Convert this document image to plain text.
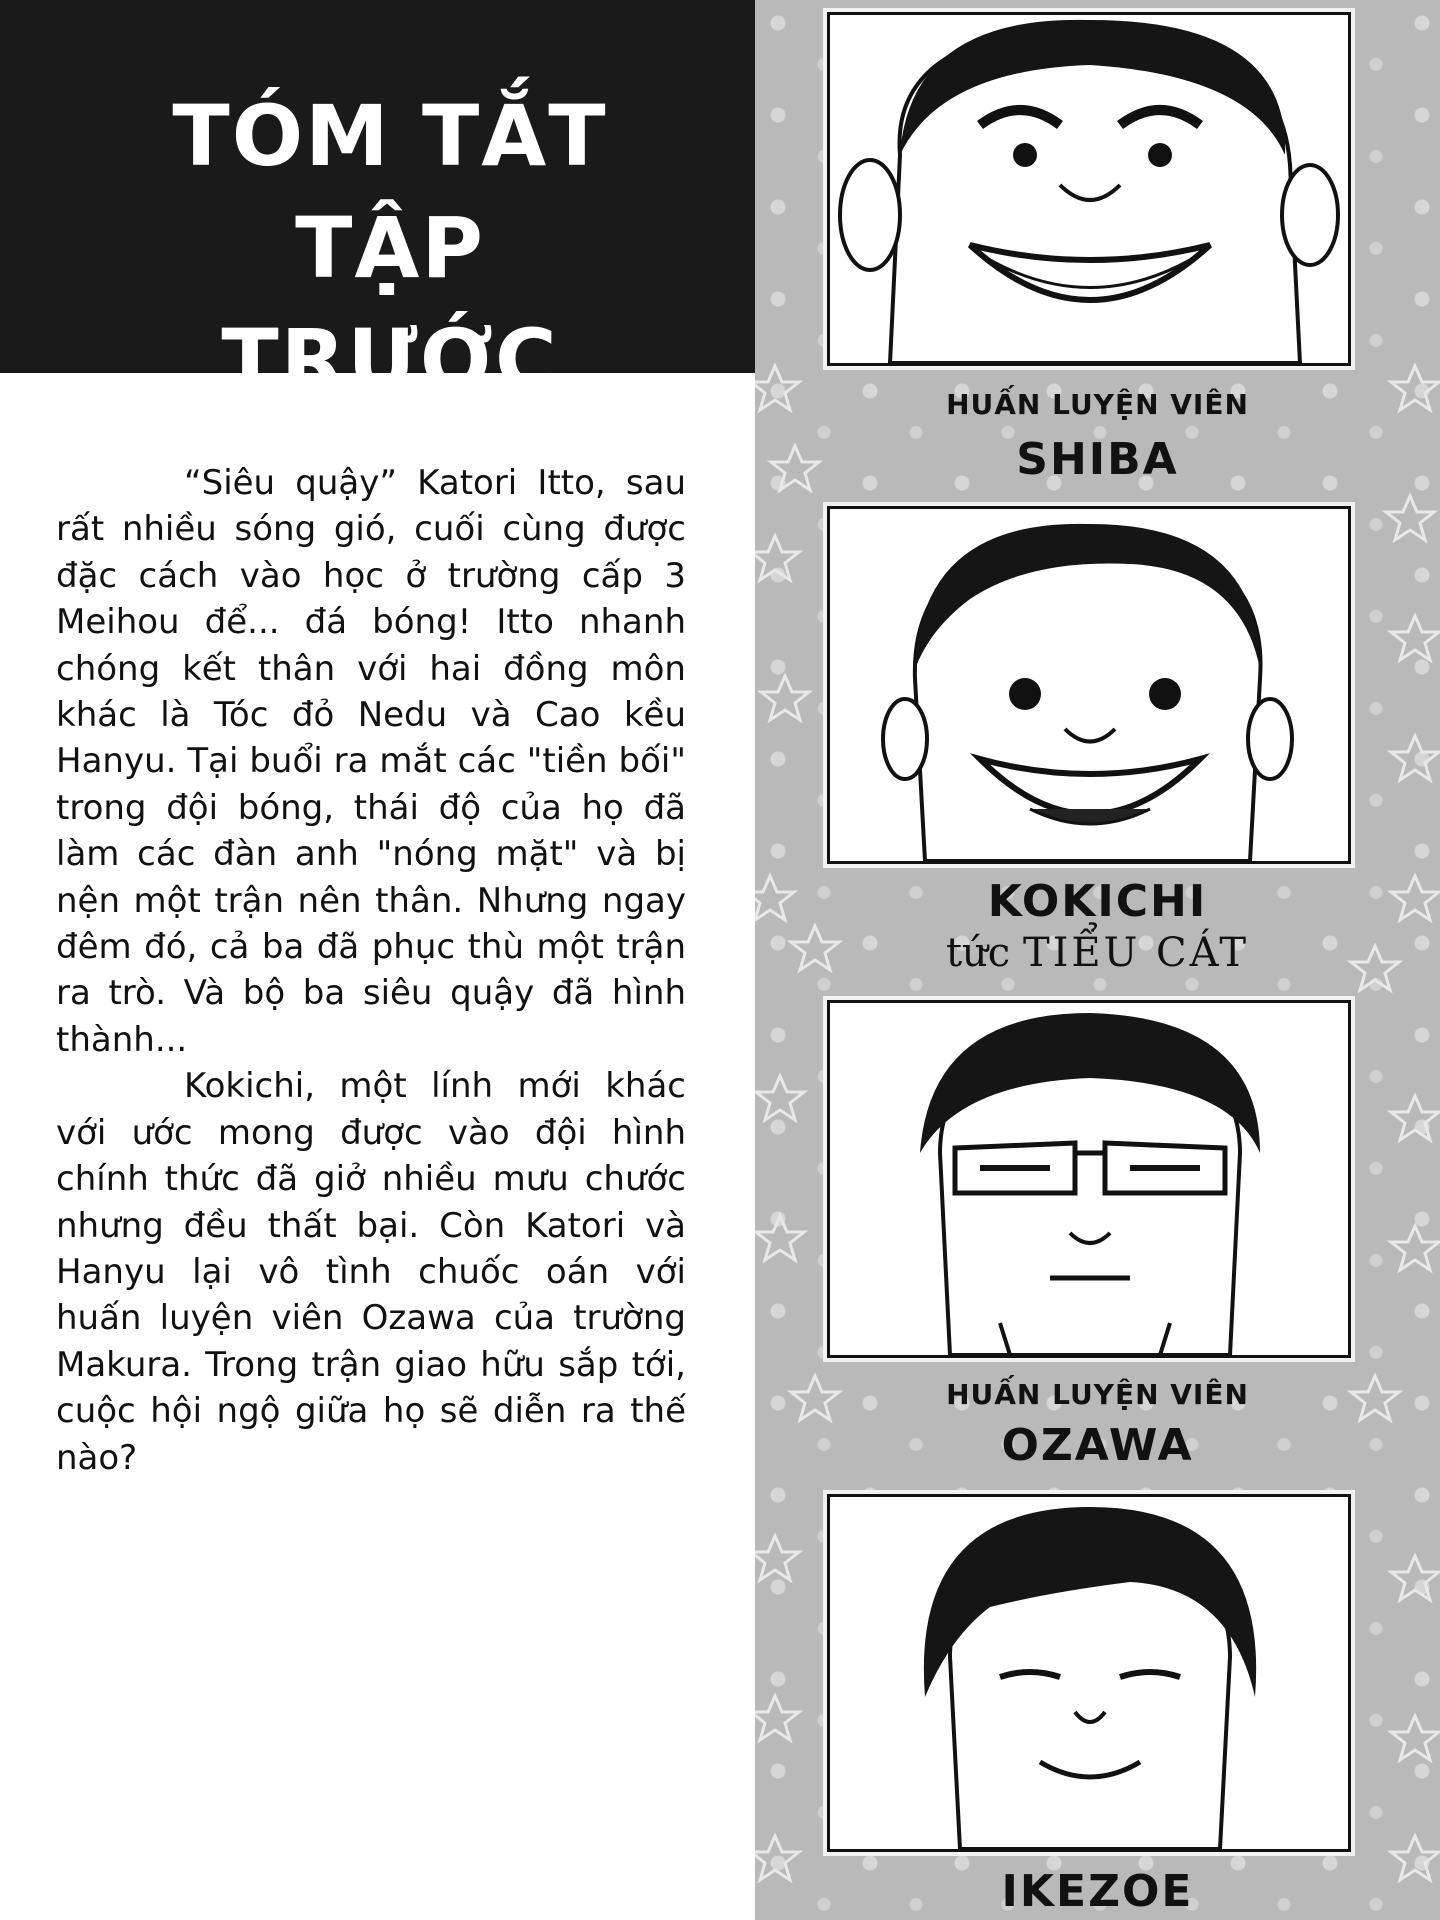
TÓM TẮT
TẬP TRƯỚC

“Siêu quậy” Katori Itto, sau rất nhiều sóng gió, cuối cùng được đặc cách vào học ở trường cấp 3 Meihou để... đá bóng! Itto nhanh chóng kết thân với hai đồng môn khác là Tóc đỏ Nedu và Cao kều Hanyu. Tại buổi ra mắt các "tiền bối" trong đội bóng, thái độ của họ đã làm các đàn anh "nóng mặt" và bị nện một trận nên thân. Nhưng ngay đêm đó, cả ba đã phục thù một trận ra trò. Và bộ ba siêu quậy đã hình thành...

Kokichi, một lính mới khác với ước mong được vào đội hình chính thức đã giở nhiều mưu chước nhưng đều thất bại. Còn Katori và Hanyu lại vô tình chuốc oán với huấn luyện viên Ozawa của trường Makura. Trong trận giao hữu sắp tới, cuộc hội ngộ giữa họ sẽ diễn ra thế nào?

HUẤN LUYỆN VIÊN
SHIBA
KOKICHI
tức TIỂU CÁT
HUẤN LUYỆN VIÊN
OZAWA
IKEZOE
